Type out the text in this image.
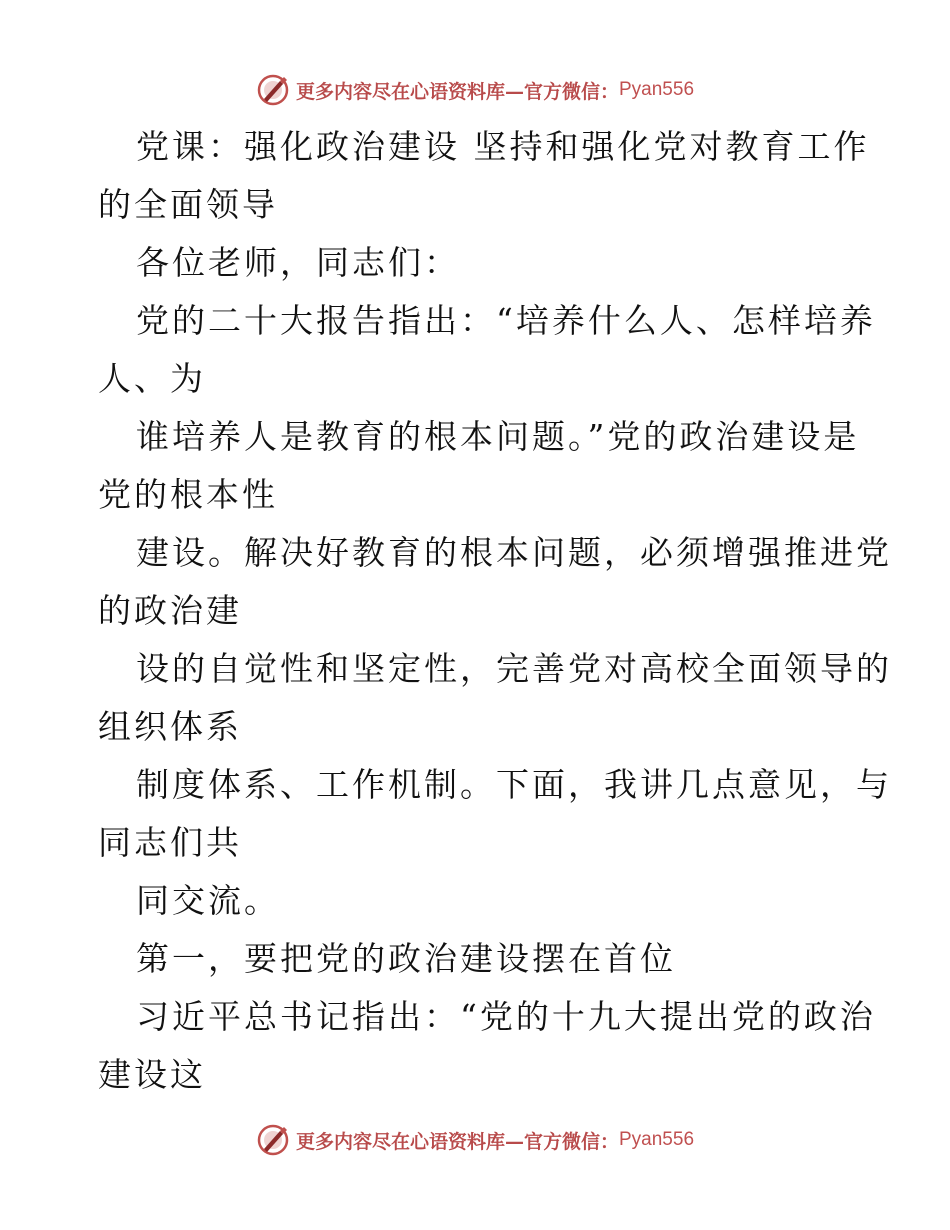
更多内容尽在心语资料库—官方微信： Pyan556
党课：强化政治建设 坚持和强化党对教育工作
的全面领导
各位老师，同志们：
党的二十大报告指出：“培养什么人、怎样培养
人、为
谁培养人是教育的根本问题。”党的政治建设是
党的根本性
建设。解决好教育的根本问题，必须增强推进党
的政治建
设的自觉性和坚定性，完善党对高校全面领导的
组织体系
制度体系、工作机制。下面，我讲几点意见，与
同志们共
同交流。
第一，要把党的政治建设摆在首位
习近平总书记指出：“党的十九大提出党的政治
建设这
更多内容尽在心语资料库—官方微信： Pyan556
